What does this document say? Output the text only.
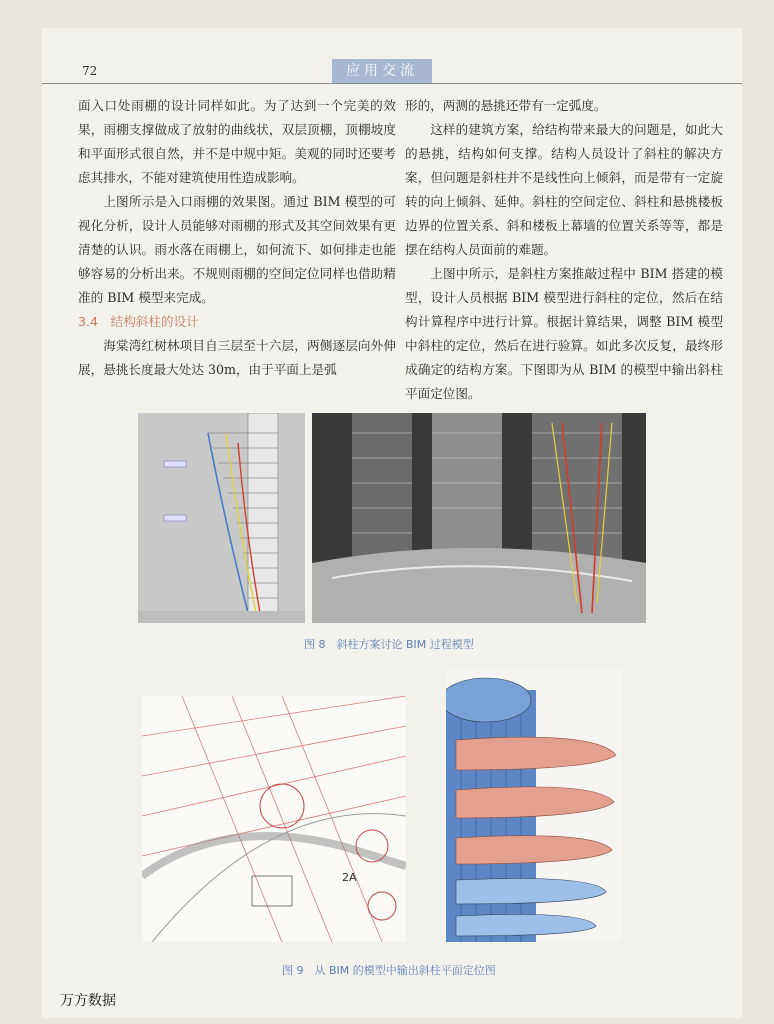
72	应用交流

面入口处雨棚的设计同样如此。为了达到一个完美的效果，雨棚支撑做成了放射的曲线状，双层顶棚，顶棚坡度和平面形式很自然，并不是中规中矩。美观的同时还要考虑其排水，不能对建筑使用性造成影响。

上图所示是入口雨棚的效果图。通过 BIM 模型的可视化分析，设计人员能够对雨棚的形式及其空间效果有更清楚的认识。雨水落在雨棚上，如何流下、如何排走也能够容易的分析出来。不规则雨棚的空间定位同样也借助精准的 BIM 模型来完成。

3.4　结构斜柱的设计

海棠湾红树林项目自三层至十六层，两侧逐层向外伸展，悬挑长度最大处达 30m，由于平面上是弧

形的，两测的悬挑还带有一定弧度。

这样的建筑方案，给结构带来最大的问题是，如此大的悬挑，结构如何支撑。结构人员设计了斜柱的解决方案，但问题是斜柱并不是线性向上倾斜，而是带有一定旋转的向上倾斜、延伸。斜柱的空间定位、斜柱和悬挑楼板边界的位置关系、斜和楼板上幕墙的位置关系等等，都是摆在结构人员面前的难题。

上图中所示，是斜柱方案推敲过程中 BIM 搭建的模型，设计人员根据 BIM 模型进行斜柱的定位，然后在结构计算程序中进行计算。根据计算结果，调整 BIM 模型中斜柱的定位，然后在进行验算。如此多次反复，最终形成确定的结构方案。下图即为从 BIM 的模型中输出斜柱平面定位图。

2A
图 8　斜柱方案讨论 BIM 过程模型
图 9　从 BIM 的模型中输出斜柱平面定位图
万方数据
